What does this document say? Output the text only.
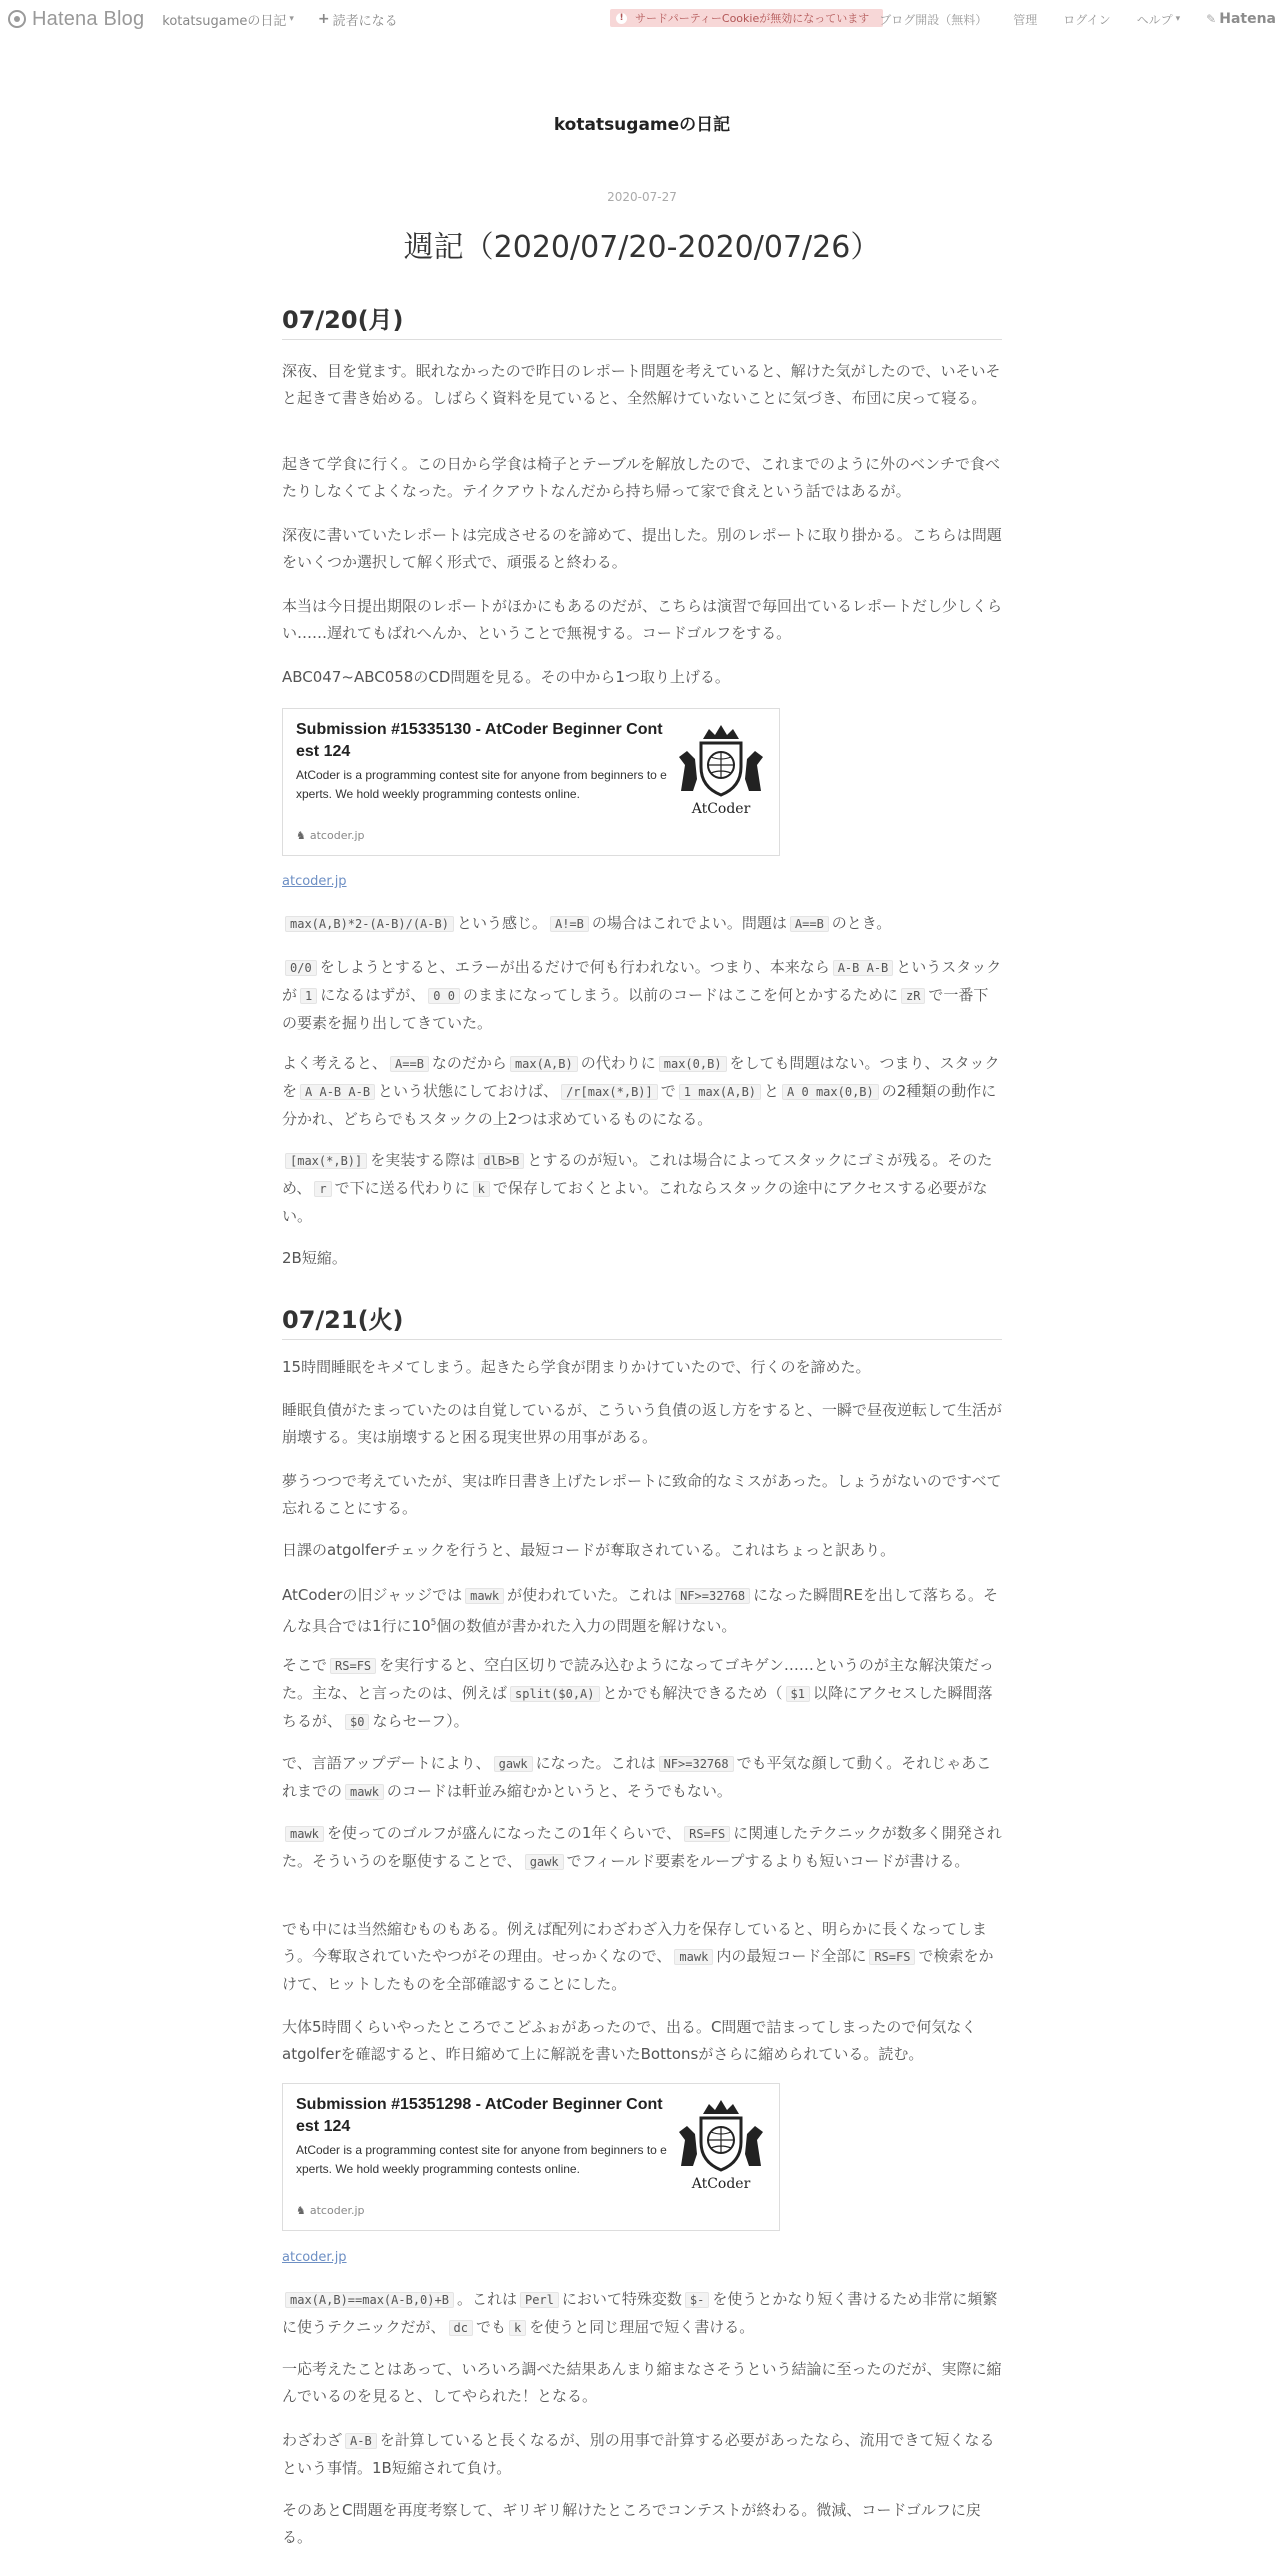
Hatena Blog kotatsugameの日記 ▾ + 読者になる	!	サードパーティーCookieが無効になっています ブログ開設（無料） 管理 ログイン ヘルプ ▾ ✎ Hatena
kotatsugameの日記
2020-07-27
週記（2020/07/20-2020/07/26）
07/20(月)

深夜、目を覚ます。眠れなかったので昨日のレポート問題を考えていると、解けた気がしたので、いそいそと起きて書き始める。しばらく資料を見ていると、全然解けていないことに気づき、布団に戻って寝る。

起きて学食に行く。この日から学食は椅子とテーブルを解放したので、これまでのように外のベンチで食べたりしなくてよくなった。テイクアウトなんだから持ち帰って家で食えという話ではあるが。

深夜に書いていたレポートは完成させるのを諦めて、提出した。別のレポートに取り掛かる。こちらは問題をいくつか選択して解く形式で、頑張ると終わる。

本当は今日提出期限のレポートがほかにもあるのだが、こちらは演習で毎回出ているレポートだし少しくらい……遅れてもばれへんか、ということで無視する。コードゴルフをする。

ABC047~ABC058のCD問題を見る。その中から1つ取り上げる。

Submission #15335130 - AtCoder Beginner Contest 124
AtCoder is a programming contest site for anyone from beginners to experts. We hold weekly programming contests online.
♞ atcoder.jp
AtCoder
atcoder.jp

max(A,B)*2-(A-B)/(A-B) という感じ。 A!=B の場合はこれでよい。問題は A==B のとき。

0/0 をしようとすると、エラーが出るだけで何も行われない。つまり、本来なら A-B A-B というスタックが 1 になるはずが、 0 0 のままになってしまう。以前のコードはここを何とかするために zR で一番下の要素を掘り出してきていた。

よく考えると、 A==B なのだから max(A,B) の代わりに max(0,B) をしても問題はない。つまり、スタックを A A-B A-B という状態にしておけば、 /r[max(*,B)] で 1 max(A,B) と A 0 max(0,B) の2種類の動作に分かれ、どちらでもスタックの上2つは求めているものになる。

[max(*,B)] を実装する際は dlB>B とするのが短い。これは場合によってスタックにゴミが残る。そのため、 r で下に送る代わりに k で保存しておくとよい。これならスタックの途中にアクセスする必要がない。

2B短縮。

07/21(火)

15時間睡眠をキメてしまう。起きたら学食が閉まりかけていたので、行くのを諦めた。

睡眠負債がたまっていたのは自覚しているが、こういう負債の返し方をすると、一瞬で昼夜逆転して生活が崩壊する。実は崩壊すると困る現実世界の用事がある。

夢うつつで考えていたが、実は昨日書き上げたレポートに致命的なミスがあった。しょうがないのですべて忘れることにする。

日課のatgolferチェックを行うと、最短コードが奪取されている。これはちょっと訳あり。

AtCoderの旧ジャッジでは mawk が使われていた。これは NF>=32768 になった瞬間REを出して落ちる。そんな具合では1行に$10^5$個の数値が書かれた入力の問題を解けない。

そこで RS=FS を実行すると、空白区切りで読み込むようになってゴキゲン……というのが主な解決策だった。主な、と言ったのは、例えば split($0,A) とかでも解決できるため（ $1 以降にアクセスした瞬間落ちるが、 $0 ならセーフ）。

で、言語アップデートにより、 gawk になった。これは NF>=32768 でも平気な顔して動く。それじゃあこれまでの mawk のコードは軒並み縮むかというと、そうでもない。

mawk を使ってのゴルフが盛んになったこの1年くらいで、 RS=FS に関連したテクニックが数多く開発された。そういうのを駆使することで、 gawk でフィールド要素をループするよりも短いコードが書ける。

でも中には当然縮むものもある。例えば配列にわざわざ入力を保存していると、明らかに長くなってしまう。今奪取されていたやつがその理由。せっかくなので、 mawk 内の最短コード全部に RS=FS で検索をかけて、ヒットしたものを全部確認することにした。

大体5時間くらいやったところでこどふぉがあったので、出る。C問題で詰まってしまったので何気なくatgolferを確認すると、昨日縮めて上に解説を書いたBottonsがさらに縮められている。読む。

Submission #15351298 - AtCoder Beginner Contest 124
AtCoder is a programming contest site for anyone from beginners to experts. We hold weekly programming contests online.
♞ atcoder.jp
AtCoder
atcoder.jp

max(A,B)==max(A-B,0)+B 。これは Perl において特殊変数 $- を使うとかなり短く書けるため非常に頻繁に使うテクニックだが、 dc でも k を使うと同じ理屈で短く書ける。

一応考えたことはあって、いろいろ調べた結果あんまり縮まなさそうという結論に至ったのだが、実際に縮んでいるのを見ると、してやられた！となる。

わざわざ A-B を計算していると長くなるが、別の用事で計算する必要があったなら、流用できて短くなるという事情。1B短縮されて負け。

そのあとC問題を再度考察して、ギリギリ解けたところでコンテストが終わる。微減、コードゴルフに戻る。
